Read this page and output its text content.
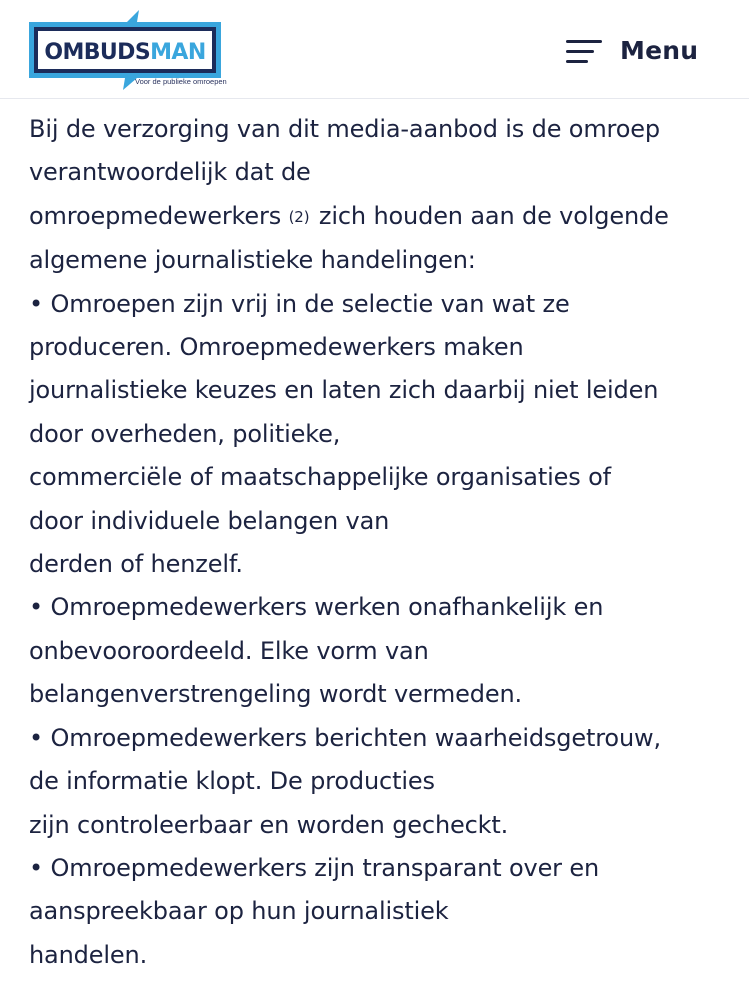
OMBUDSMAN
Voor de publieke omroepen
Menu

Bij de verzorging van dit media-aanbod is de omroep
verantwoordelijk dat de
omroepmedewerkers (2) zich houden aan de volgende
algemene journalistieke handelingen:

• Omroepen zijn vrij in de selectie van wat ze
produceren. Omroepmedewerkers maken
journalistieke keuzes en laten zich daarbij niet leiden
door overheden, politieke,
commerciële of maatschappelijke organisaties of
door individuele belangen van
derden of henzelf.

• Omroepmedewerkers werken onafhankelijk en
onbevooroordeeld. Elke vorm van
belangenverstrengeling wordt vermeden.

• Omroepmedewerkers berichten waarheidsgetrouw,
de informatie klopt. De producties
zijn controleerbaar en worden gecheckt.

• Omroepmedewerkers zijn transparant over en
aanspreekbaar op hun journalistiek
handelen.
